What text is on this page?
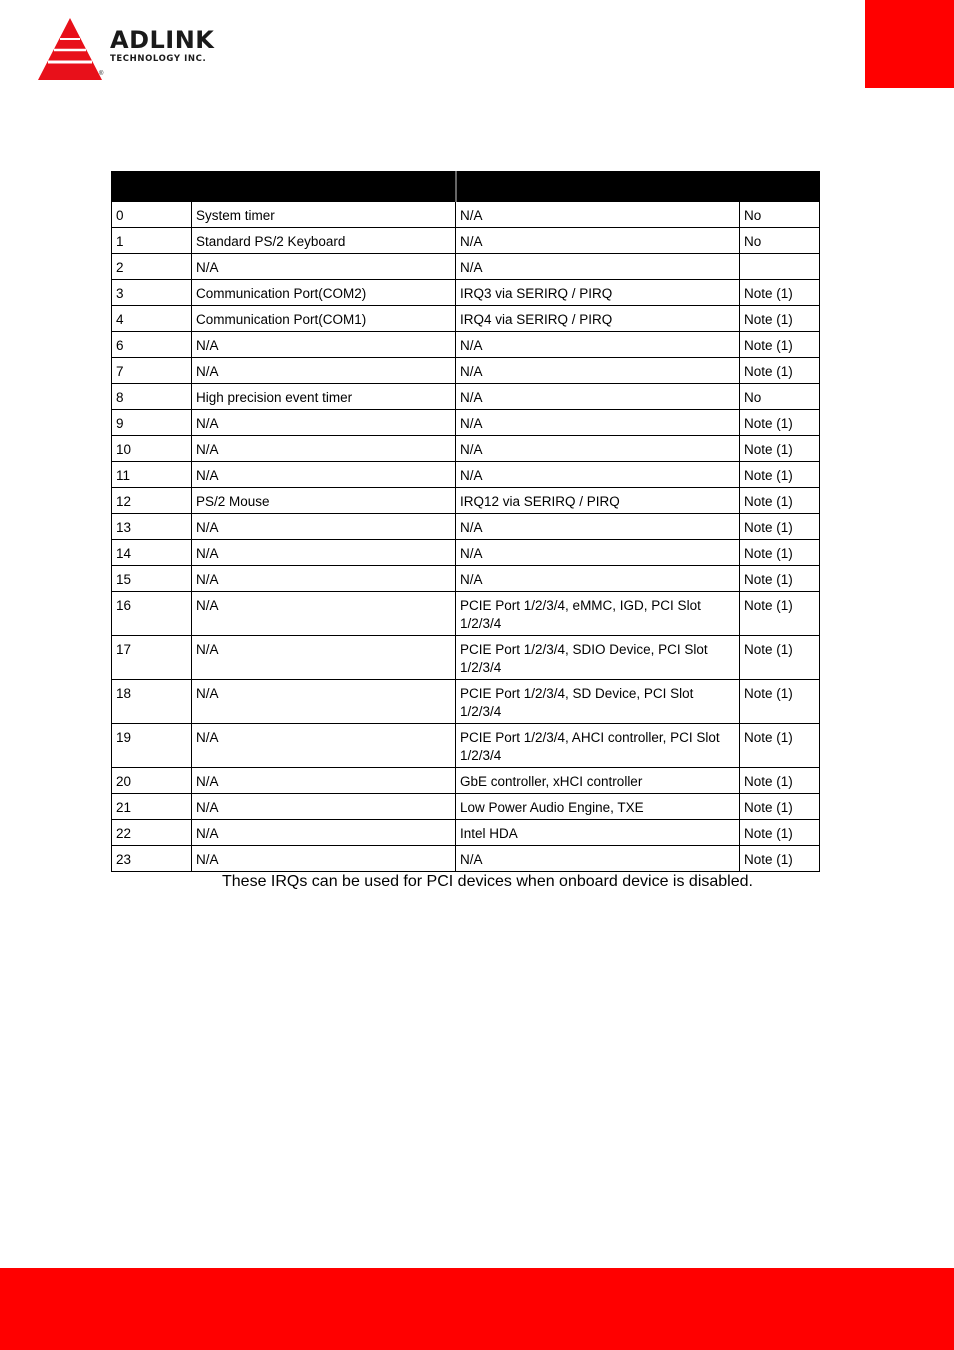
ADLINK
TECHNOLOGY INC.
®

0	System timer	N/A	No
1	Standard PS/2 Keyboard	N/A	No
2	N/A	N/A	
3	Communication Port(COM2)	IRQ3 via SERIRQ / PIRQ	Note (1)
4	Communication Port(COM1)	IRQ4 via SERIRQ / PIRQ	Note (1)
6	N/A	N/A	Note (1)
7	N/A	N/A	Note (1)
8	High precision event timer	N/A	No
9	N/A	N/A	Note (1)
10	N/A	N/A	Note (1)
11	N/A	N/A	Note (1)
12	PS/2 Mouse	IRQ12 via SERIRQ / PIRQ	Note (1)
13	N/A	N/A	Note (1)
14	N/A	N/A	Note (1)
15	N/A	N/A	Note (1)
16	N/A	PCIE Port 1/2/3/4, eMMC, IGD, PCI Slot 1/2/3/4	Note (1)
17	N/A	PCIE Port 1/2/3/4, SDIO Device, PCI Slot 1/2/3/4	Note (1)
18	N/A	PCIE Port 1/2/3/4, SD Device, PCI Slot 1/2/3/4	Note (1)
19	N/A	PCIE Port 1/2/3/4, AHCI controller, PCI Slot 1/2/3/4	Note (1)
20	N/A	GbE controller, xHCI controller	Note (1)
21	N/A	Low Power Audio Engine, TXE	Note (1)
22	N/A	Intel HDA	Note (1)
23	N/A	N/A	Note (1)
These IRQs can be used for PCI devices when onboard device is disabled.
